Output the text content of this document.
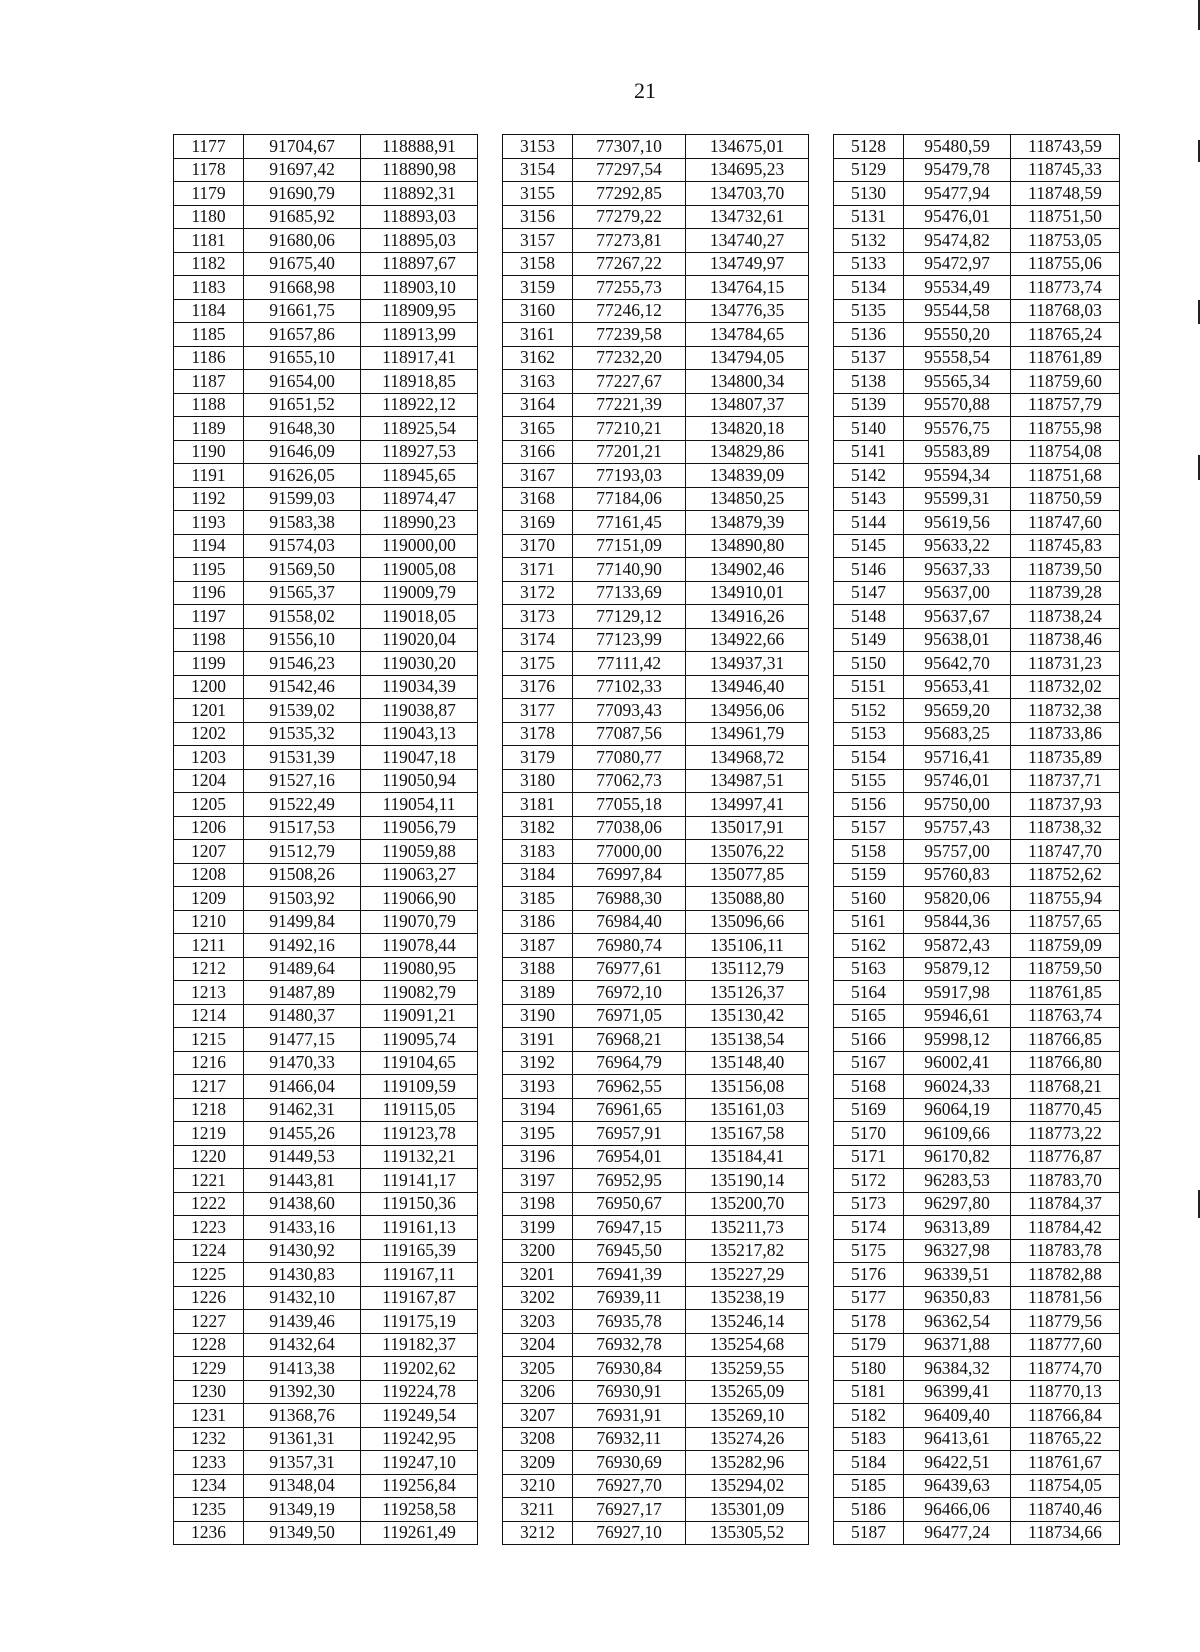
21
1177	91704,67	118888,91		3153	77307,10	134675,01		5128	95480,59	118743,59
1178	91697,42	118890,98		3154	77297,54	134695,23		5129	95479,78	118745,33
1179	91690,79	118892,31		3155	77292,85	134703,70		5130	95477,94	118748,59
1180	91685,92	118893,03		3156	77279,22	134732,61		5131	95476,01	118751,50
1181	91680,06	118895,03		3157	77273,81	134740,27		5132	95474,82	118753,05
1182	91675,40	118897,67		3158	77267,22	134749,97		5133	95472,97	118755,06
1183	91668,98	118903,10		3159	77255,73	134764,15		5134	95534,49	118773,74
1184	91661,75	118909,95		3160	77246,12	134776,35		5135	95544,58	118768,03
1185	91657,86	118913,99		3161	77239,58	134784,65		5136	95550,20	118765,24
1186	91655,10	118917,41		3162	77232,20	134794,05		5137	95558,54	118761,89
1187	91654,00	118918,85		3163	77227,67	134800,34		5138	95565,34	118759,60
1188	91651,52	118922,12		3164	77221,39	134807,37		5139	95570,88	118757,79
1189	91648,30	118925,54		3165	77210,21	134820,18		5140	95576,75	118755,98
1190	91646,09	118927,53		3166	77201,21	134829,86		5141	95583,89	118754,08
1191	91626,05	118945,65		3167	77193,03	134839,09		5142	95594,34	118751,68
1192	91599,03	118974,47		3168	77184,06	134850,25		5143	95599,31	118750,59
1193	91583,38	118990,23		3169	77161,45	134879,39		5144	95619,56	118747,60
1194	91574,03	119000,00		3170	77151,09	134890,80		5145	95633,22	118745,83
1195	91569,50	119005,08		3171	77140,90	134902,46		5146	95637,33	118739,50
1196	91565,37	119009,79		3172	77133,69	134910,01		5147	95637,00	118739,28
1197	91558,02	119018,05		3173	77129,12	134916,26		5148	95637,67	118738,24
1198	91556,10	119020,04		3174	77123,99	134922,66		5149	95638,01	118738,46
1199	91546,23	119030,20		3175	77111,42	134937,31		5150	95642,70	118731,23
1200	91542,46	119034,39		3176	77102,33	134946,40		5151	95653,41	118732,02
1201	91539,02	119038,87		3177	77093,43	134956,06		5152	95659,20	118732,38
1202	91535,32	119043,13		3178	77087,56	134961,79		5153	95683,25	118733,86
1203	91531,39	119047,18		3179	77080,77	134968,72		5154	95716,41	118735,89
1204	91527,16	119050,94		3180	77062,73	134987,51		5155	95746,01	118737,71
1205	91522,49	119054,11		3181	77055,18	134997,41		5156	95750,00	118737,93
1206	91517,53	119056,79		3182	77038,06	135017,91		5157	95757,43	118738,32
1207	91512,79	119059,88		3183	77000,00	135076,22		5158	95757,00	118747,70
1208	91508,26	119063,27		3184	76997,84	135077,85		5159	95760,83	118752,62
1209	91503,92	119066,90		3185	76988,30	135088,80		5160	95820,06	118755,94
1210	91499,84	119070,79		3186	76984,40	135096,66		5161	95844,36	118757,65
1211	91492,16	119078,44		3187	76980,74	135106,11		5162	95872,43	118759,09
1212	91489,64	119080,95		3188	76977,61	135112,79		5163	95879,12	118759,50
1213	91487,89	119082,79		3189	76972,10	135126,37		5164	95917,98	118761,85
1214	91480,37	119091,21		3190	76971,05	135130,42		5165	95946,61	118763,74
1215	91477,15	119095,74		3191	76968,21	135138,54		5166	95998,12	118766,85
1216	91470,33	119104,65		3192	76964,79	135148,40		5167	96002,41	118766,80
1217	91466,04	119109,59		3193	76962,55	135156,08		5168	96024,33	118768,21
1218	91462,31	119115,05		3194	76961,65	135161,03		5169	96064,19	118770,45
1219	91455,26	119123,78		3195	76957,91	135167,58		5170	96109,66	118773,22
1220	91449,53	119132,21		3196	76954,01	135184,41		5171	96170,82	118776,87
1221	91443,81	119141,17		3197	76952,95	135190,14		5172	96283,53	118783,70
1222	91438,60	119150,36		3198	76950,67	135200,70		5173	96297,80	118784,37
1223	91433,16	119161,13		3199	76947,15	135211,73		5174	96313,89	118784,42
1224	91430,92	119165,39		3200	76945,50	135217,82		5175	96327,98	118783,78
1225	91430,83	119167,11		3201	76941,39	135227,29		5176	96339,51	118782,88
1226	91432,10	119167,87		3202	76939,11	135238,19		5177	96350,83	118781,56
1227	91439,46	119175,19		3203	76935,78	135246,14		5178	96362,54	118779,56
1228	91432,64	119182,37		3204	76932,78	135254,68		5179	96371,88	118777,60
1229	91413,38	119202,62		3205	76930,84	135259,55		5180	96384,32	118774,70
1230	91392,30	119224,78		3206	76930,91	135265,09		5181	96399,41	118770,13
1231	91368,76	119249,54		3207	76931,91	135269,10		5182	96409,40	118766,84
1232	91361,31	119242,95		3208	76932,11	135274,26		5183	96413,61	118765,22
1233	91357,31	119247,10		3209	76930,69	135282,96		5184	96422,51	118761,67
1234	91348,04	119256,84		3210	76927,70	135294,02		5185	96439,63	118754,05
1235	91349,19	119258,58		3211	76927,17	135301,09		5186	96466,06	118740,46
1236	91349,50	119261,49		3212	76927,10	135305,52		5187	96477,24	118734,66
